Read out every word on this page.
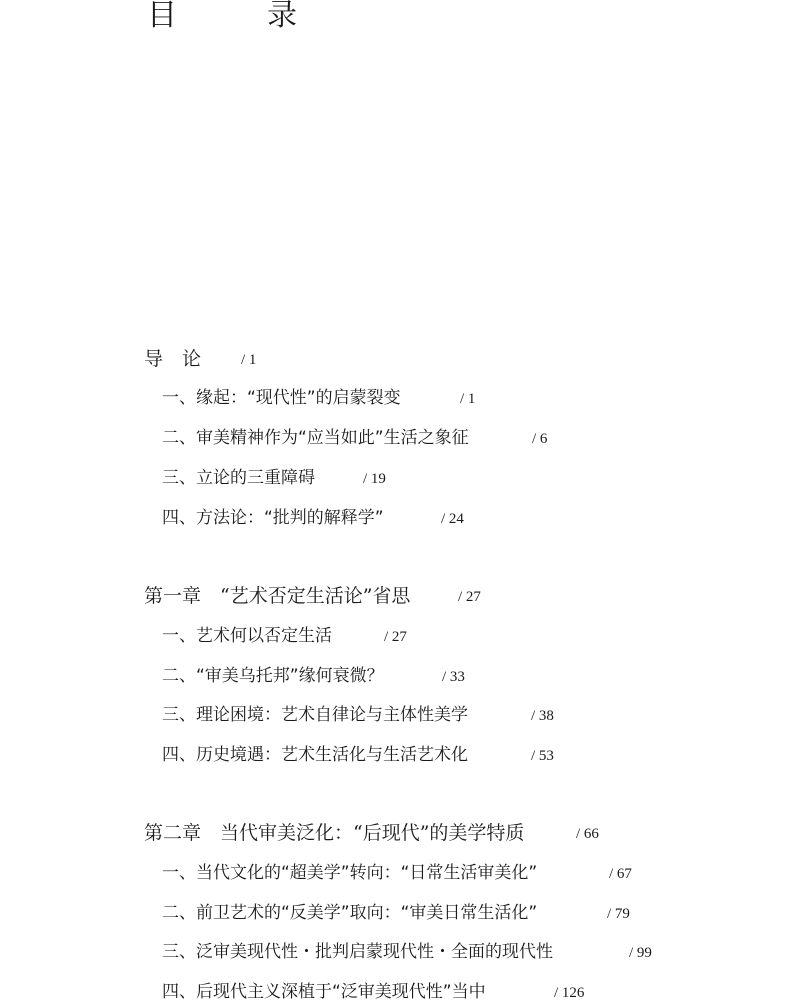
目　录
导　论	/ 1
一、缘起：“现代性”的启蒙裂变	/ 1
二、审美精神作为“应当如此”生活之象征	/ 6
三、立论的三重障碍	/ 19
四、方法论：“批判的解释学”	/ 24
第一章　“艺术否定生活论”省思	/ 27
一、艺术何以否定生活	/ 27
二、“审美乌托邦”缘何衰微？	/ 33
三、理论困境：艺术自律论与主体性美学	/ 38
四、历史境遇：艺术生活化与生活艺术化	/ 53
第二章　当代审美泛化：“后现代”的美学特质	/ 66
一、当代文化的“超美学”转向：“日常生活审美化”	/ 67
二、前卫艺术的“反美学”取向：“审美日常生活化”	/ 79
三、泛审美现代性・批判启蒙现代性・全面的现代性	/ 99
四、后现代主义深植于“泛审美现代性”当中	/ 126
